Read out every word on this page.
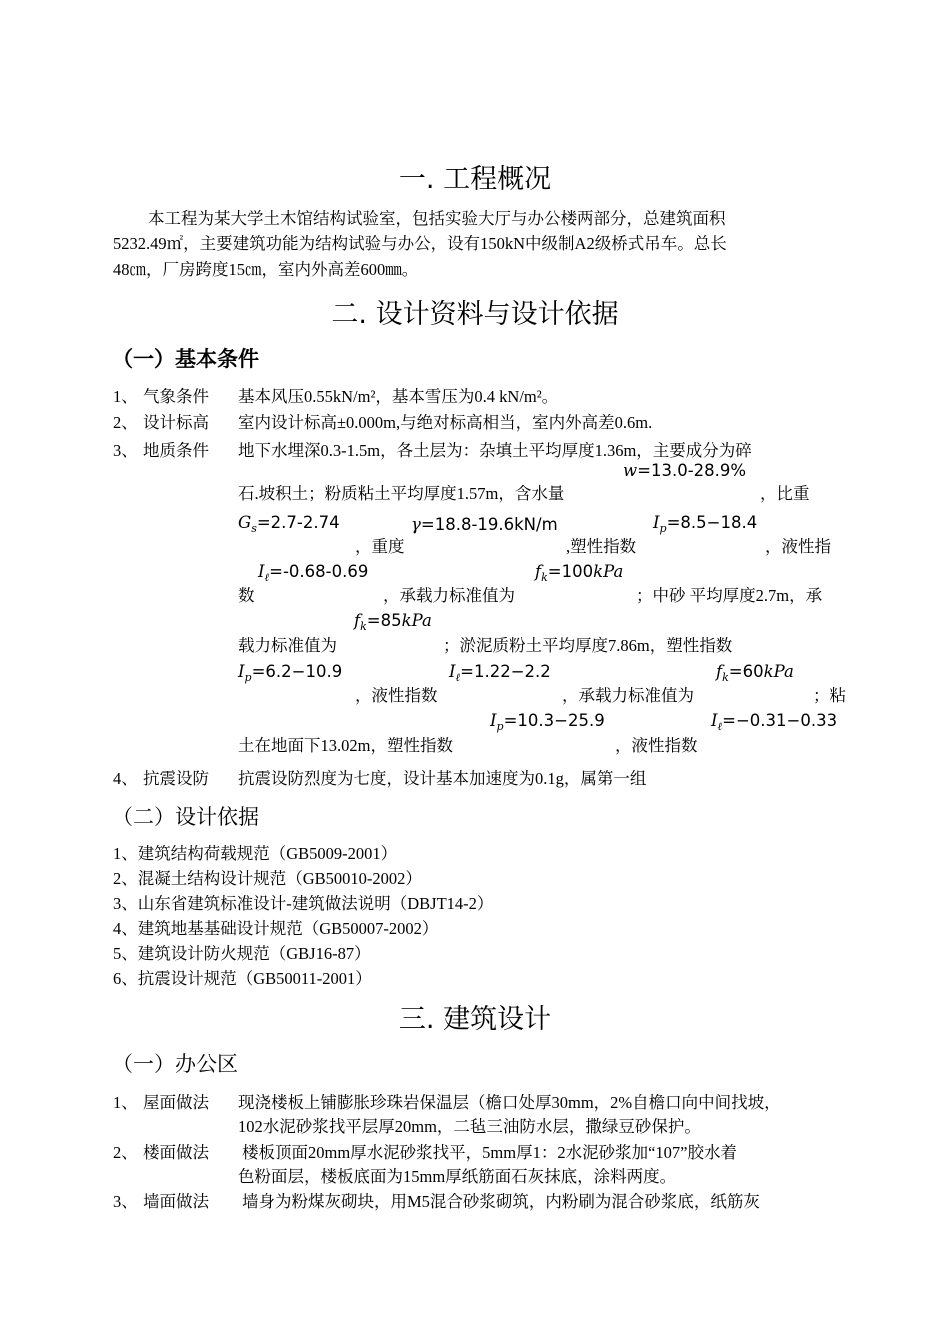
一. 工程概况
本工程为某大学土木馆结构试验室，包括实验大厅与办公楼两部分，总建筑面积
5232.49㎡，主要建筑功能为结构试验与办公，设有150kN中级制A2级桥式吊车。总长
48㎝，厂房跨度15㎝，室内外高差600㎜。
二. 设计资料与设计依据
（一）基本条件
1、 气象条件 基本风压0.55kN/m²，基本雪压为0.4 kN/m²。
2、 设计标高 室内设计标高±0.000m,与绝对标高相当，室内外高差0.6m.
3、 地质条件 地下水埋深0.3-1.5m，各土层为：杂填土平均厚度1.36m，主要成分为碎
w=13.0-28.9%
石.坡积土；粉质粘土平均厚度1.57m，含水量	，比重
$G_s=2.7-2.74$	γ=18.8-19.6kN/m	$I_p=8.5-18.4$
，重度	,塑性指数	，液性指
$I_\ell=-0.68-0.69$	$f_k=100kPa$
数	，承载力标准值为	；中砂 平均厚度2.7m，承
$f_k=85kPa$
载力标准值为	；淤泥质粉土平均厚度7.86m，塑性指数
$I_p=6.2-10.9$	$I_\ell=1.22-2.2$	$f_k=60kPa$
，液性指数	，承载力标准值为	；粘
$I_p=10.3-25.9$	$I_\ell=-0.31-0.33$
土在地面下13.02m，塑性指数	，液性指数
4、 抗震设防 抗震设防烈度为七度，设计基本加速度为0.1g，属第一组
（二）设计依据
1、建筑结构荷载规范（GB5009-2001）
2、混凝土结构设计规范（GB50010-2002）
3、山东省建筑标准设计-建筑做法说明（DBJT14-2）
4、建筑地基基础设计规范（GB50007-2002）
5、建筑设计防火规范（GBJ16-87）
6、抗震设计规范（GB50011-2001）
三. 建筑设计
（一）办公区
1、 屋面做法 现浇楼板上铺膨胀珍珠岩保温层（檐口处厚30mm，2%自檐口向中间找坡，
102水泥砂浆找平层厚20mm，二毡三油防水层，撒绿豆砂保护。
2、 楼面做法 楼板顶面20mm厚水泥砂浆找平，5mm厚1：2水泥砂浆加“107”胶水着
色粉面层，楼板底面为15mm厚纸筋面石灰抹底，涂料两度。
3、 墙面做法 墙身为粉煤灰砌块，用M5混合砂浆砌筑，内粉刷为混合砂浆底，纸筋灰
